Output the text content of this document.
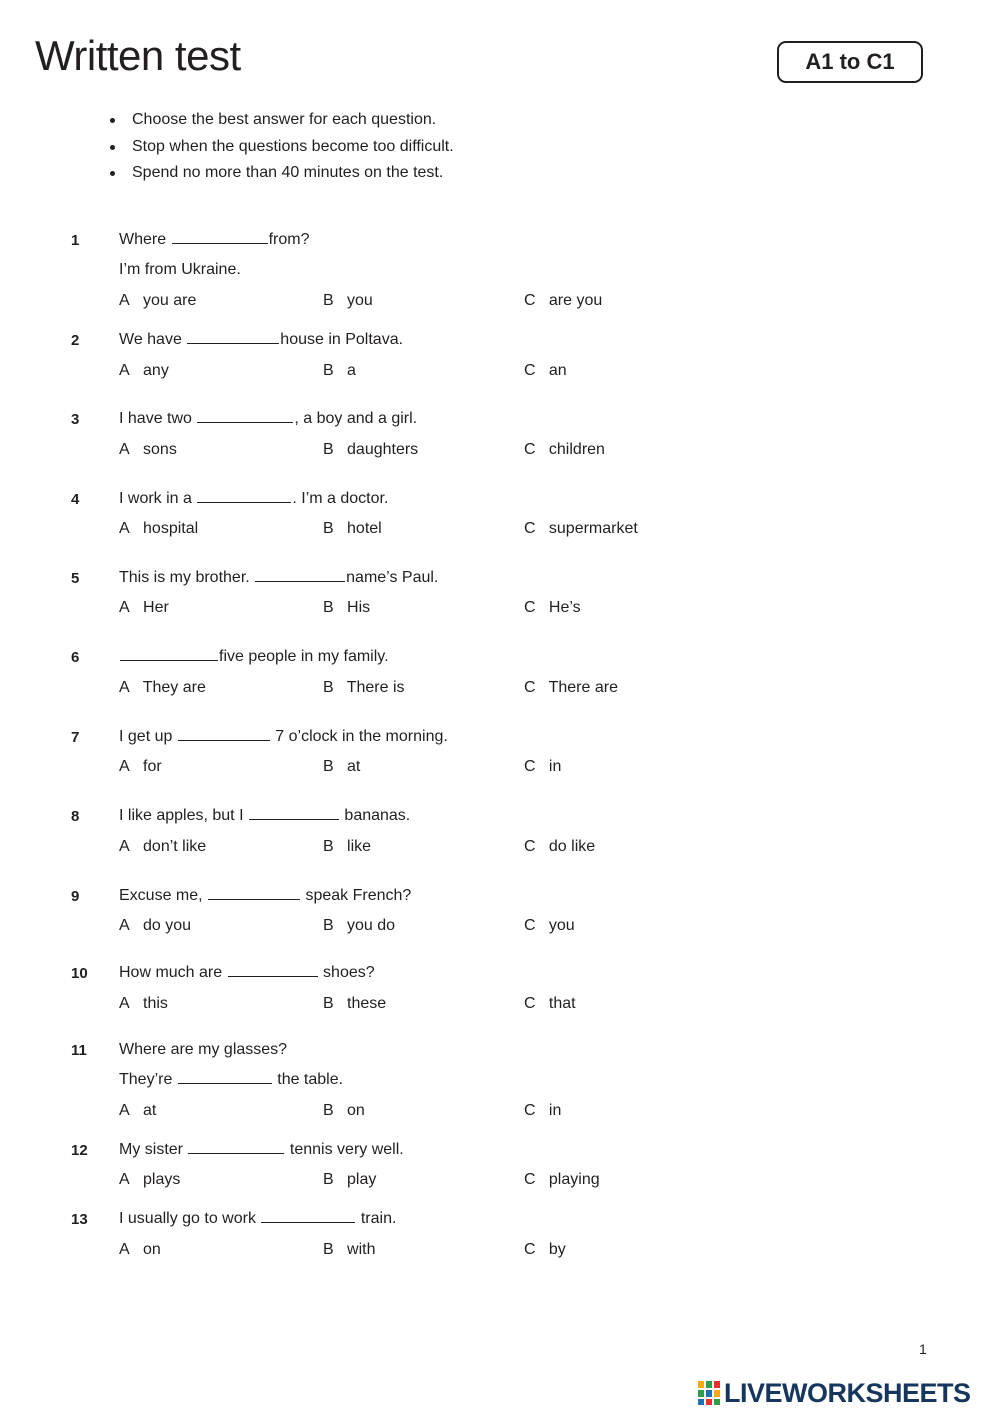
Written test	A1 to C1
Choose the best answer for each question.
Stop when the questions become too difficult.
Spend no more than 40 minutes on the test.
1 Where	from?
I’m from Ukraine.
A you are	B you	C are you
2 We have	house in Poltava.
A any	B a	C an
3 I have two	, a boy and a girl.
A sons	B daughters	C children
4 I work in a	. I’m a doctor.
A hospital	B hotel	C supermarket
5 This is my brother.	name’s Paul.
A Her	B His	C He’s
6	five people in my family.
A They are	B There is	C There are
7 I get up	7 o’clock in the morning.
A for	B at	C in
8 I like apples, but I	bananas.
A don’t like	B like	C do like
9 Excuse me,	speak French?
A do you	B you do	C you
10 How much are	shoes?
A this	B these	C that
11 Where are my glasses?
They’re	the table.
A at	B on	C in
12 My sister	tennis very well.
A plays	B play	C playing
13 I usually go to work	train.
A on	B with	C by
1
LIVEWORKSHEETS
